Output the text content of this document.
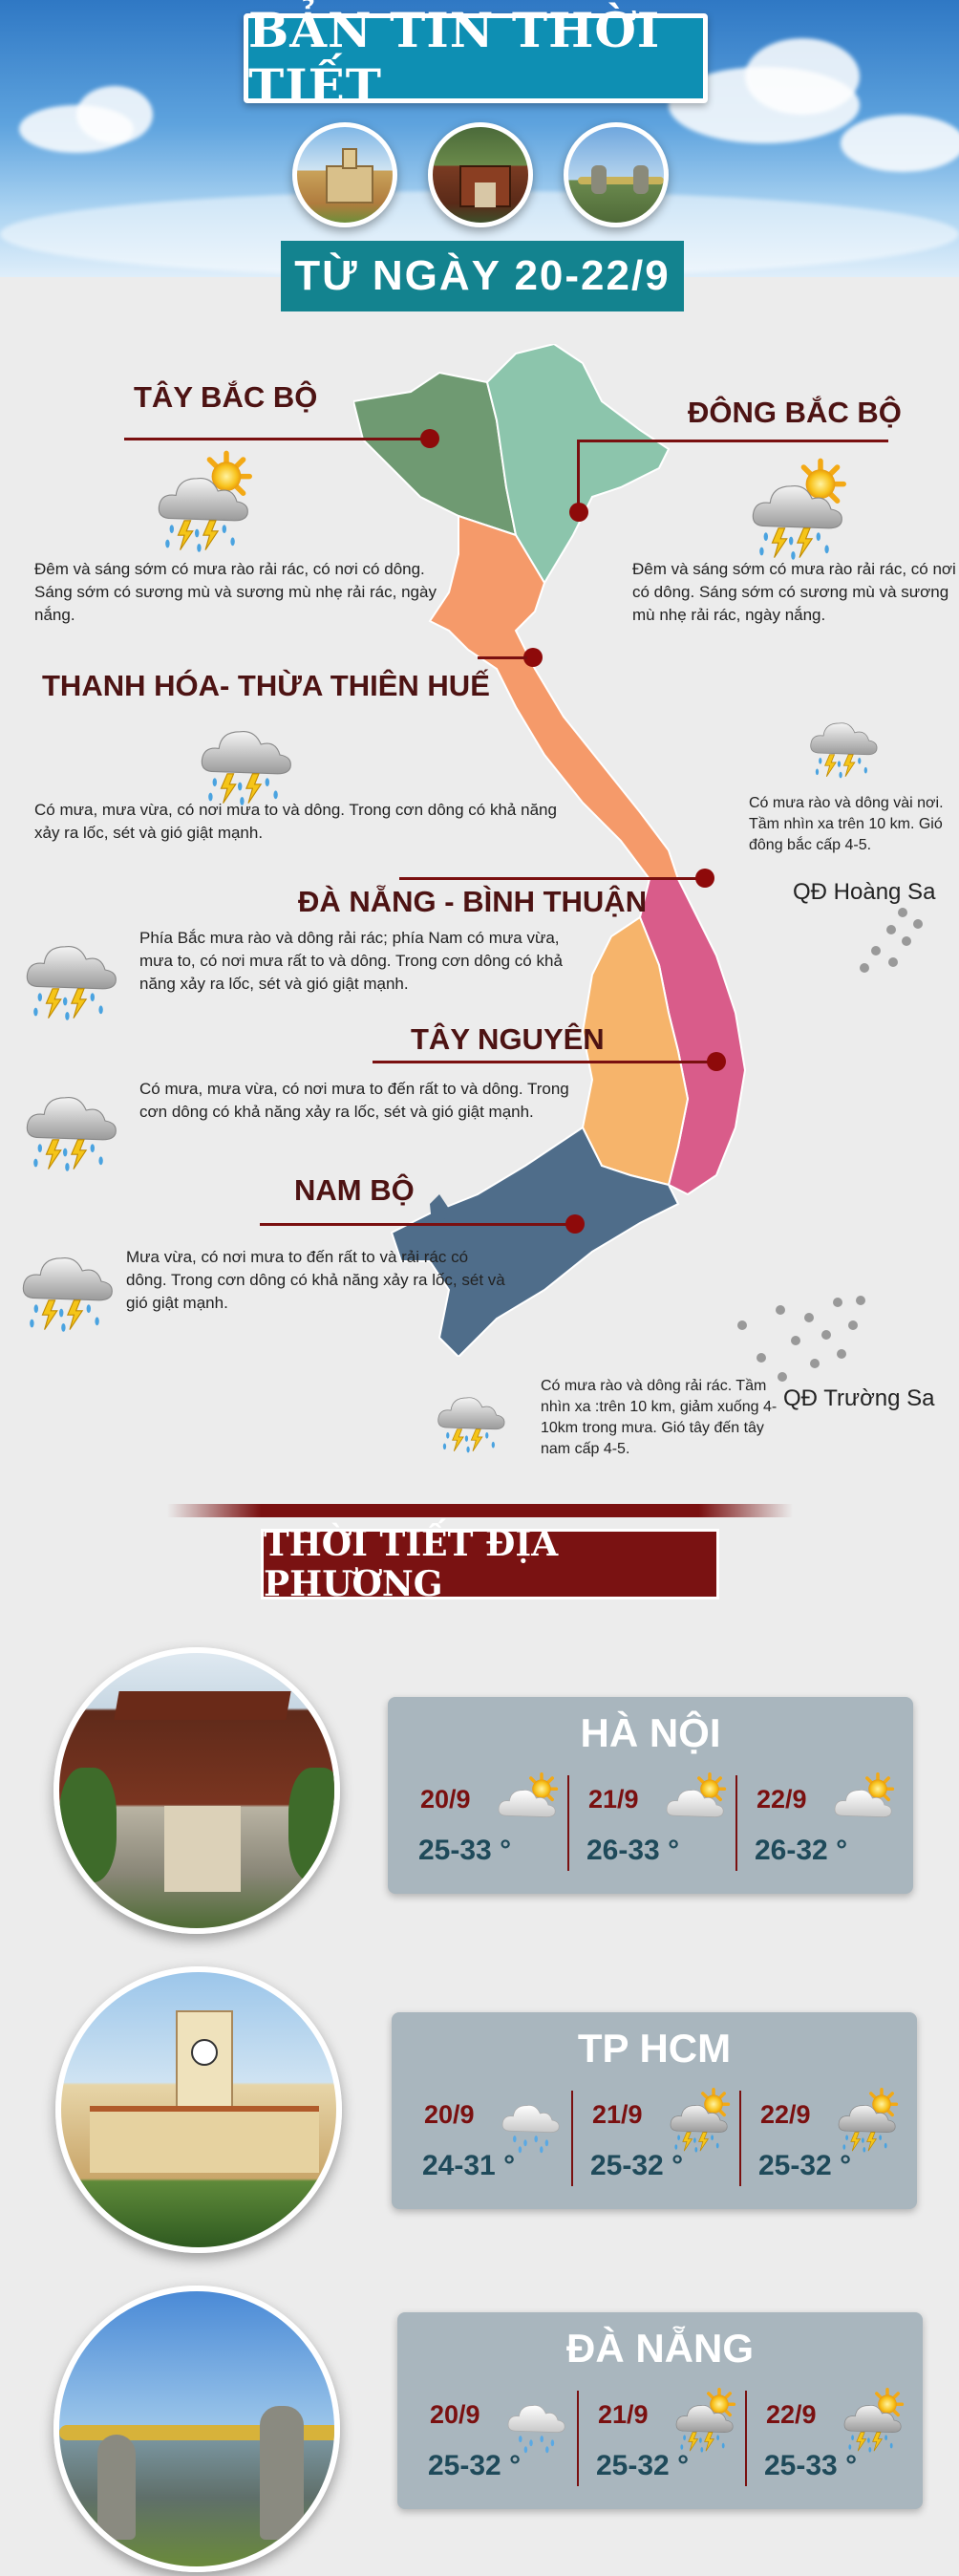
BẢN TIN THỜI TIẾT
TỪ NGÀY 20-22/9
TÂY BẮC BỘ
Đêm và sáng sớm có mưa rào rải rác, có nơi có dông. Sáng sớm có sương mù và sương mù nhẹ rải rác, ngày nắng.
ĐÔNG BẮC BỘ
Đêm và sáng sớm có mưa rào rải rác, có nơi có dông. Sáng sớm có sương mù và sương mù nhẹ rải rác, ngày nắng.
THANH HÓA- THỪA THIÊN HUẾ
Có mưa, mưa vừa, có nơi mưa to và dông. Trong cơn dông có khả năng xảy ra lốc, sét và gió giật mạnh.
Có mưa rào và dông vài nơi. Tầm nhìn xa trên 10 km. Gió đông bắc cấp 4-5.
QĐ Hoàng Sa
ĐÀ NẴNG - BÌNH THUẬN
Phía Bắc mưa rào và dông rải rác; phía Nam có mưa vừa, mưa to, có nơi mưa rất to và dông. Trong cơn dông có khả năng xảy ra lốc, sét và gió giật mạnh.
TÂY NGUYÊN
Có mưa, mưa vừa, có nơi mưa to đến rất to và dông. Trong cơn dông có khả năng xảy ra lốc, sét và gió giật mạnh.
NAM BỘ
Mưa vừa, có nơi mưa to đến rất to và rải rác có dông. Trong cơn dông có khả năng xảy ra lốc, sét và gió giật mạnh.
QĐ Trường Sa
Có mưa rào và dông rải rác. Tầm nhìn xa :trên 10 km, giảm xuống 4-10km trong mưa. Gió tây đến tây nam cấp 4-5.
THỜI TIẾT ĐỊA PHƯƠNG
HÀ NỘI
20/9
25-33 °
21/9
26-33 °
22/9
26-32 °
TP HCM
20/9
24-31 °
21/9
25-32 °
22/9
25-32 °
ĐÀ NẴNG
20/9
25-32 °
21/9
25-32 °
22/9
25-33 °
